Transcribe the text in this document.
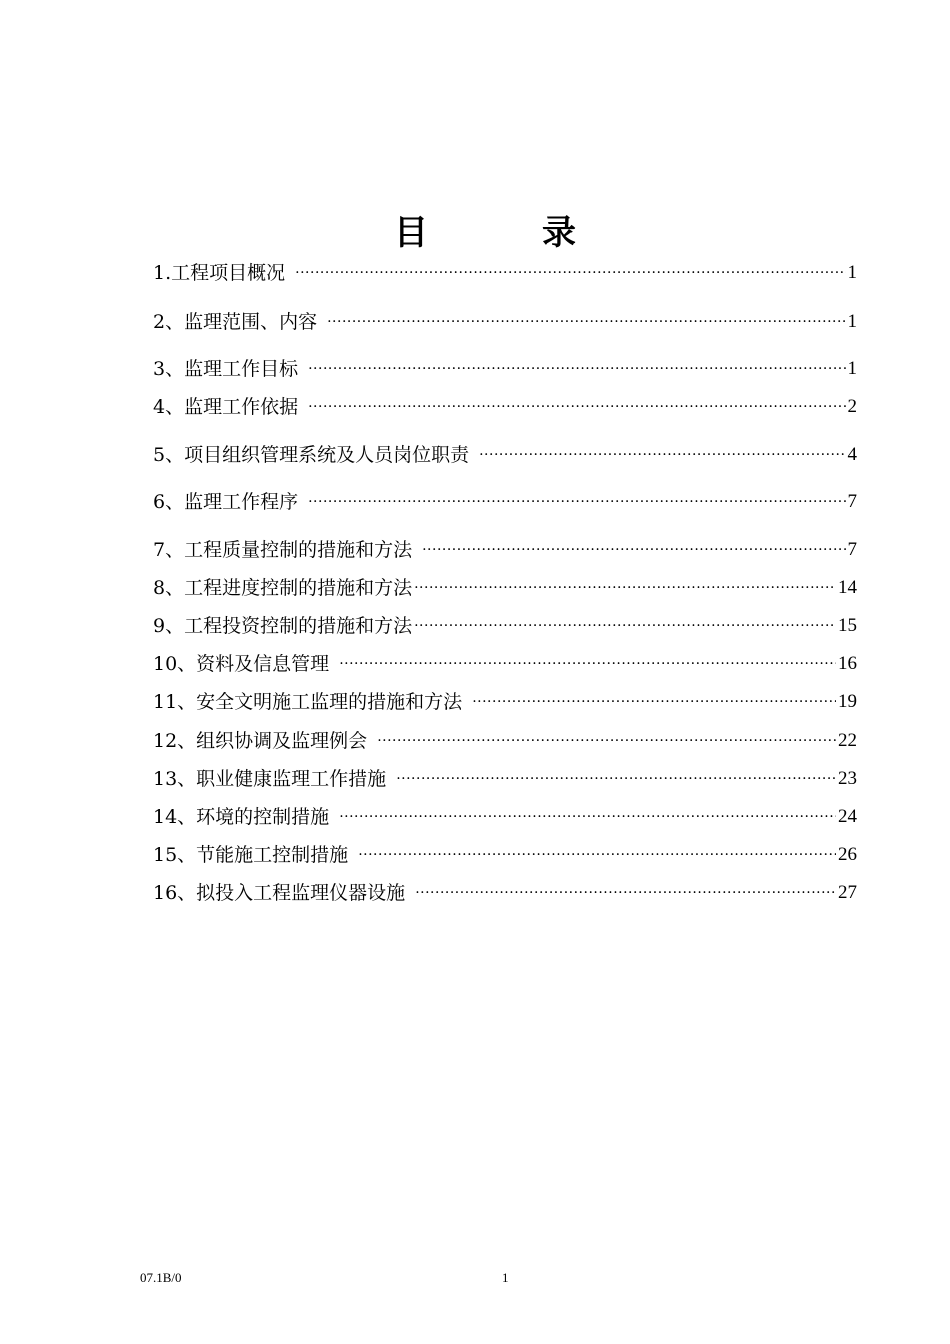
目　录
1.工程项目概况 ·····	1
2、监理范围、内容 ·····	1
3、监理工作目标 ·····	1
4、监理工作依据 ·····	2
5、项目组织管理系统及人员岗位职责 ·····	4
6、监理工作程序 ·····	7
7、工程质量控制的措施和方法 ·····	7
8、工程进度控制的措施和方法 ·····	14
9、工程投资控制的措施和方法 ·····	15
10、资料及信息管理 ·····	16
11、安全文明施工监理的措施和方法 ·····	19
12、组织协调及监理例会 ·····	22
13、职业健康监理工作措施 ·····	23
14、环境的控制措施 ·····	24
15、节能施工控制措施 ·····	26
16、拟投入工程监理仪器设施 ·····	27
07.1B/0	1
